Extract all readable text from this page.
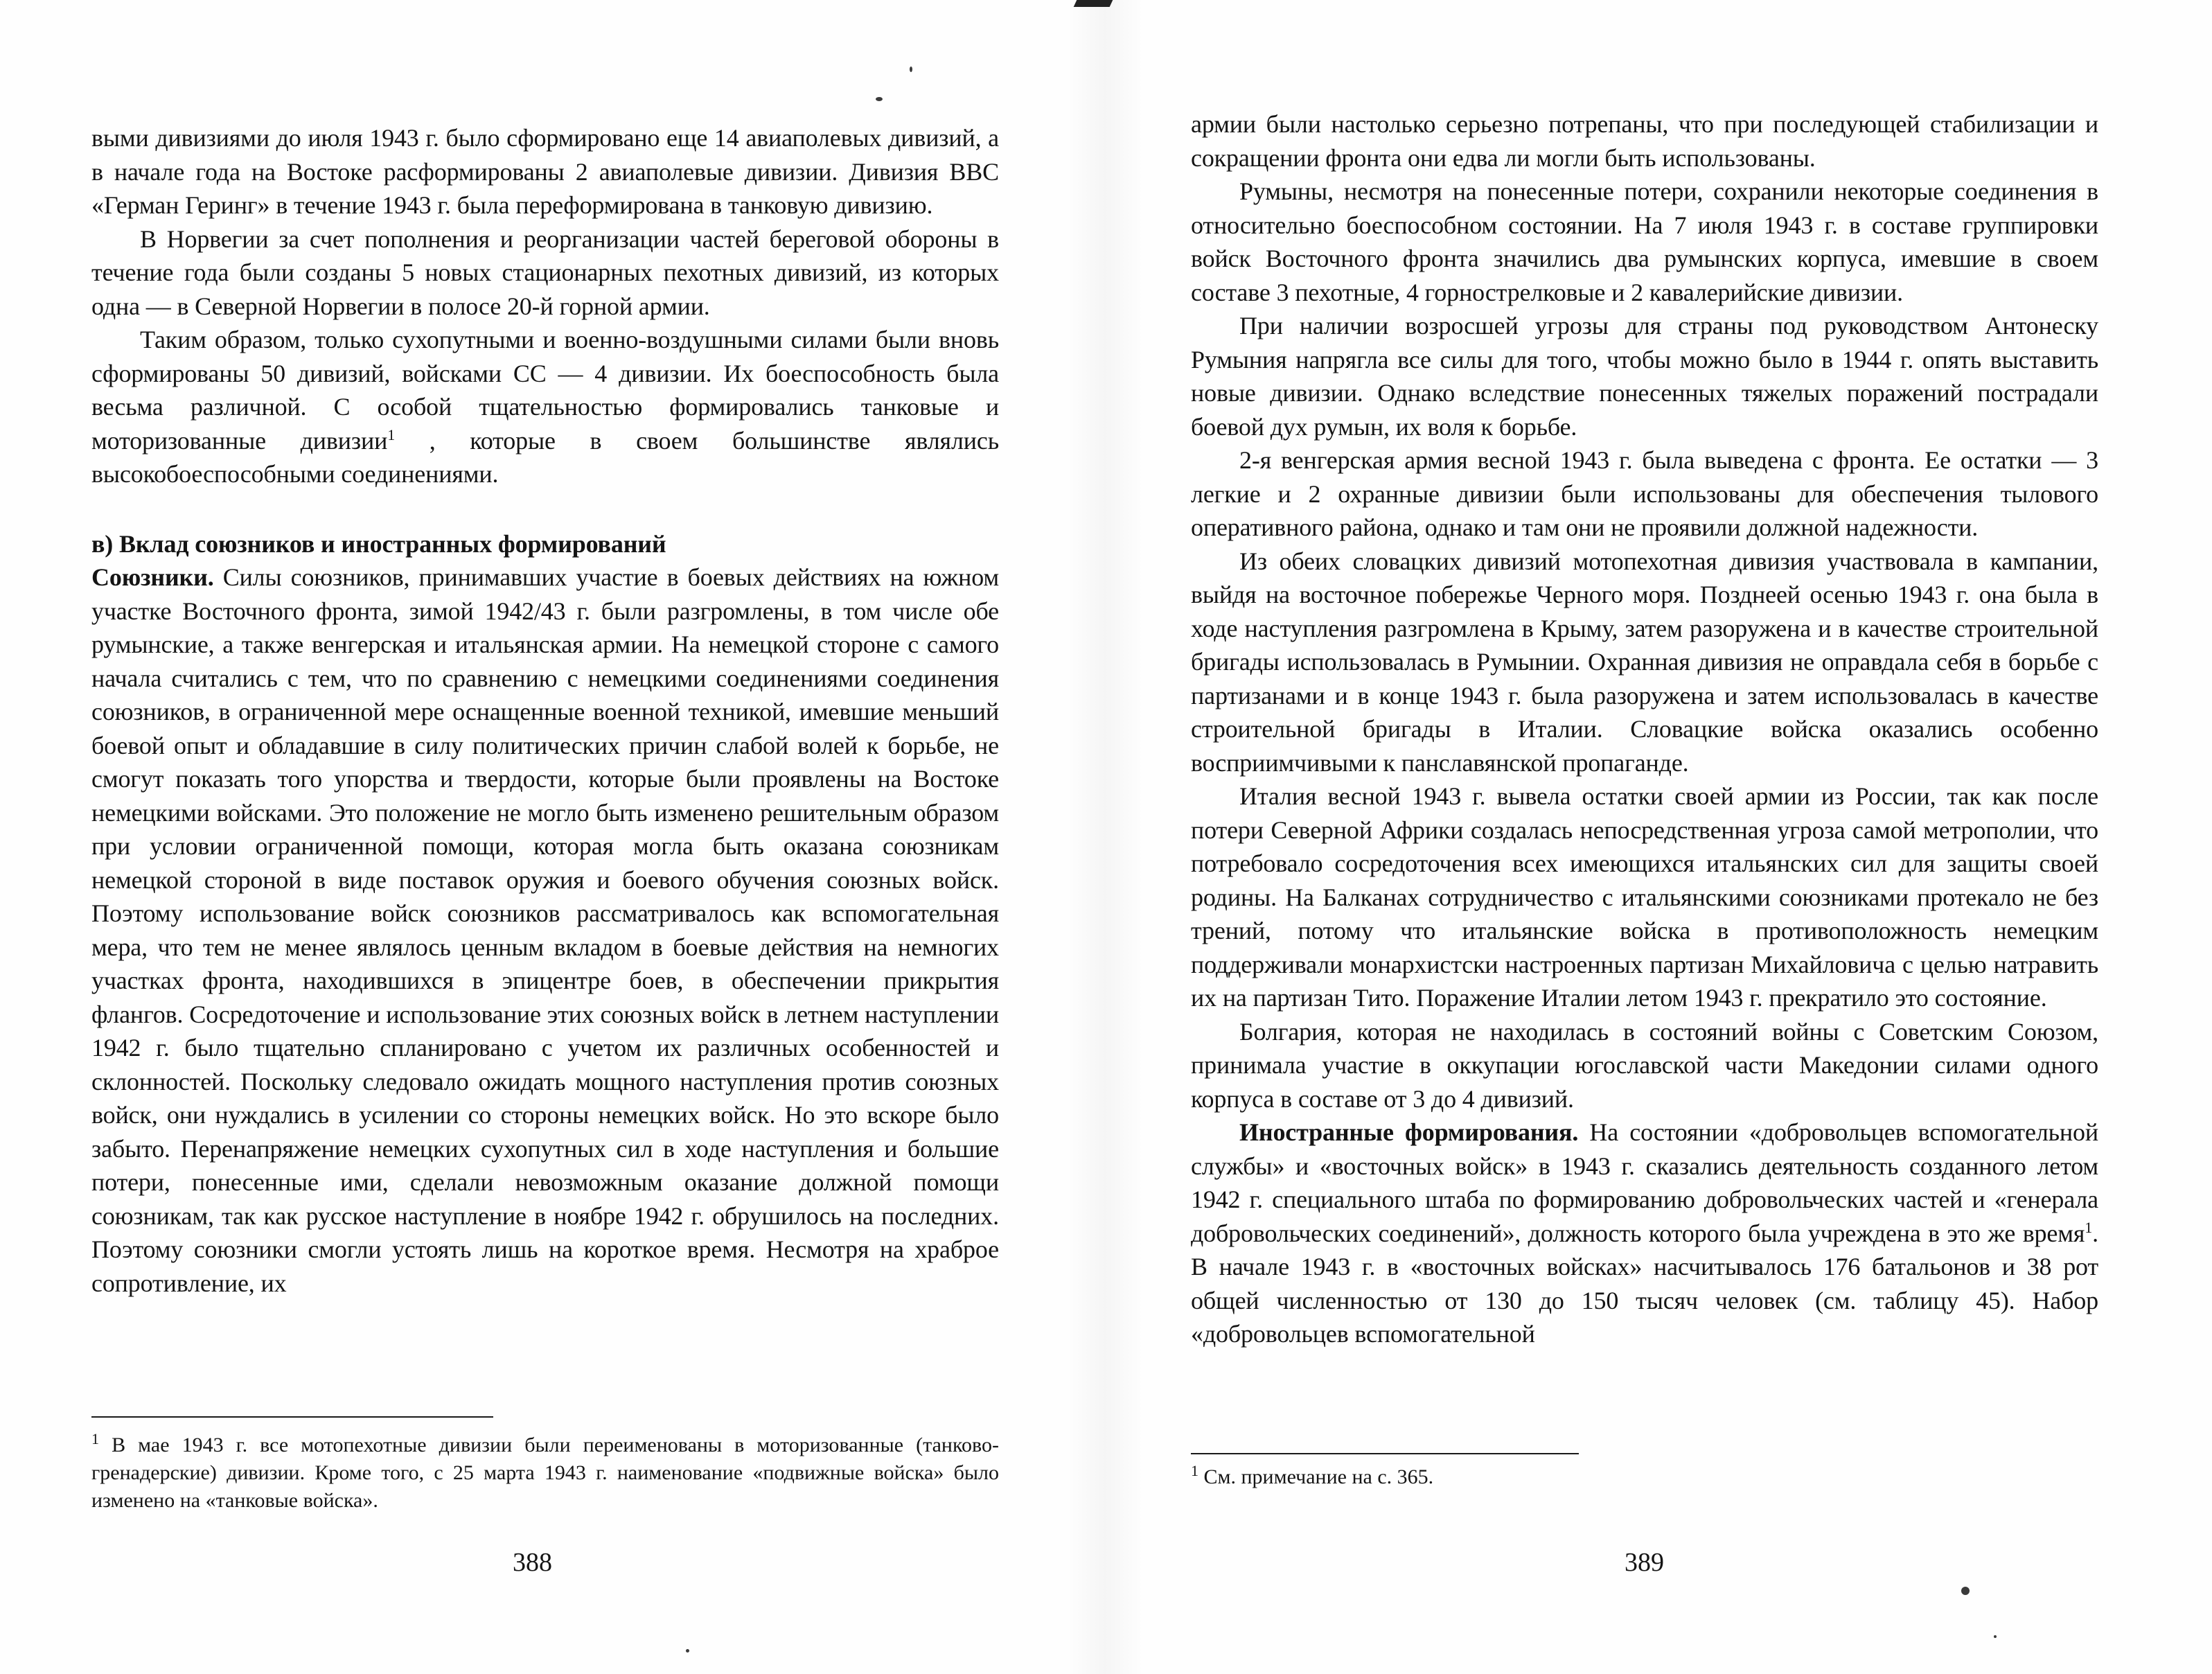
выми дивизиями до июля 1943 г. было сформировано еще 14 авиаполевых дивизий, а в начале года на Востоке расформированы 2 авиаполевые дивизии. Дивизия ВВС «Герман Геринг» в течение 1943 г. была переформирована в танковую дивизию.

В Норвегии за счет пополнения и реорганизации частей береговой обороны в течение года были созданы 5 новых стационарных пехотных дивизий, из которых одна — в Северной Норвегии в полосе 20-й горной армии.

Таким образом, только сухопутными и военно-воздушными силами были вновь сформированы 50 дивизий, войсками СС — 4 дивизии. Их боеспособность была весьма различной. С особой тщательностью формировались танковые и моторизованные дивизии$^1$ , которые в своем большинстве являлись высокобоеспособными соединениями.

в) Вклад союзников и иностранных формирований

Союзники. Силы союзников, принимавших участие в боевых действиях на южном участке Восточного фронта, зимой 1942/43 г. были разгромлены, в том числе обе румынские, а также венгерская и итальянская армии. На немецкой стороне с самого начала считались с тем, что по сравнению с немецкими соединениями соединения союзников, в ограниченной мере оснащенные военной техникой, имевшие меньший боевой опыт и обладавшие в силу политических причин слабой волей к борьбе, не смогут показать того упорства и твердости, которые были проявлены на Востоке немецкими войсками. Это положение не могло быть изменено решительным образом при условии ограниченной помощи, которая могла быть оказана союзникам немецкой стороной в виде поставок оружия и боевого обучения союзных войск. Поэтому использование войск союзников рассматривалось как вспомогательная мера, что тем не менее являлось ценным вкладом в боевые действия на немногих участках фронта, находившихся в эпицентре боев, в обеспечении прикрытия флангов. Сосредоточение и использование этих союзных войск в летнем наступлении 1942 г. было тщательно спланировано с учетом их различных особенностей и склонностей. Поскольку следовало ожидать мощного наступления против союзных войск, они нуждались в усилении со стороны немецких войск. Но это вскоре было забыто. Перенапряжение немецких сухопутных сил в ходе наступления и большие потери, понесенные ими, сделали невозможным оказание должной помощи союзникам, так как русское наступление в ноябре 1942 г. обрушилось на последних. Поэтому союзники смогли устоять лишь на короткое время. Несмотря на храброе сопротивление, их

$^1$ В мае 1943 г. все мотопехотные дивизии были переименованы в моторизованные (танково-гренадерские) дивизии. Кроме того, с 25 марта 1943 г. наименование «подвижные войска» было изменено на «танковые войска».
388

армии были настолько серьезно потрепаны, что при последующей стабилизации и сокращении фронта они едва ли могли быть использованы.

Румыны, несмотря на понесенные потери, сохранили некоторые соединения в относительно боеспособном состоянии. На 7 июля 1943 г. в составе группировки войск Восточного фронта значились два румынских корпуса, имевшие в своем составе 3 пехотные, 4 горнострелковые и 2 кавалерийские дивизии.

При наличии возросшей угрозы для страны под руководством Антонеску Румыния напрягла все силы для того, чтобы можно было в 1944 г. опять выставить новые дивизии. Однако вследствие понесенных тяжелых поражений пострадали боевой дух румын, их воля к борьбе.

2-я венгерская армия весной 1943 г. была выведена с фронта. Ее остатки — 3 легкие и 2 охранные дивизии были использованы для обеспечения тылового оперативного района, однако и там они не проявили должной надежности.

Из обеих словацких дивизий мотопехотная дивизия участвовала в кампании, выйдя на восточное побережье Черного моря. Позднеей осенью 1943 г. она была в ходе наступления разгромлена в Крыму, затем разоружена и в качестве строительной бригады использовалась в Румынии. Охранная дивизия не оправдала себя в борьбе с партизанами и в конце 1943 г. была разоружена и затем использовалась в качестве строительной бригады в Италии. Словацкие войска оказались особенно восприимчивыми к панславянской пропаганде.

Италия весной 1943 г. вывела остатки своей армии из России, так как после потери Северной Африки создалась непосредственная угроза самой метрополии, что потребовало сосредоточения всех имеющихся итальянских сил для защиты своей родины. На Балканах сотрудничество с итальянскими союзниками протекало не без трений, потому что итальянские войска в противоположность немецким поддерживали монархистски настроенных партизан Михайловича с целью натравить их на партизан Тито. Поражение Италии летом 1943 г. прекратило это состояние.

Болгария, которая не находилась в состояний войны с Советским Союзом, принимала участие в оккупации югославской части Македонии силами одного корпуса в составе от 3 до 4 дивизий.

Иностранные формирования. На состоянии «добровольцев вспомогательной службы» и «восточных войск» в 1943 г. сказались деятельность созданного летом 1942 г. специального штаба по формированию добровольческих частей и «генерала добровольческих соединений», должность которого была учреждена в это же время$^1$. В начале 1943 г. в «восточных войсках» насчитывалось 176 батальонов и 38 рот общей численностью от 130 до 150 тысяч человек (см. таблицу 45). Набор «добровольцев вспомогательной

$^1$ См. примечание на с. 365.
389
